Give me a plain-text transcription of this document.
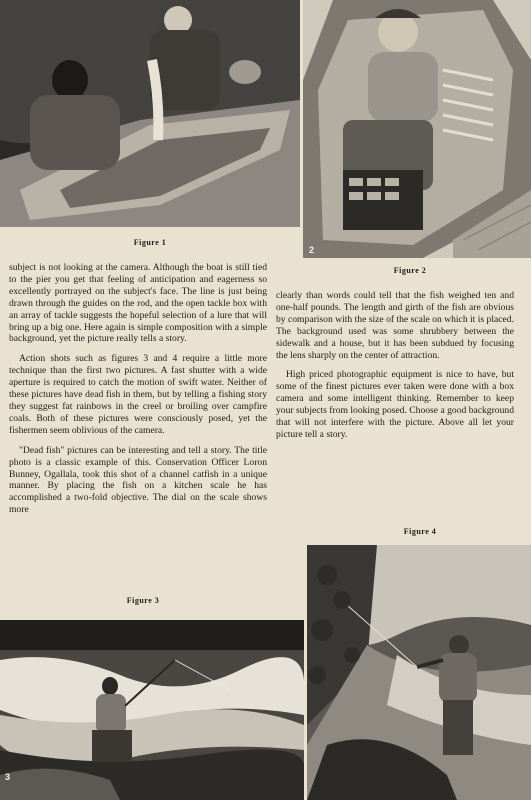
Figure 1
2
Figure 2

subject is not looking at the camera. Although the boat is still tied to the pier you get that feeling of anticipation and eagerness so excellently portrayed on the subject's face. The line is just being drawn through the guides on the rod, and the open tackle box with an array of tackle suggests the hopeful selection of a lure that will bring up a big one. Here again is simple composition with a simple background, yet the picture really tells a story.

Action shots such as figures 3 and 4 require a little more technique than the first two pictures. A fast shutter with a wide aperture is required to catch the motion of swift water. Neither of these pictures have dead fish in them, but by telling a fishing story they suggest fat rainbows in the creel or broiling over campfire coals. Both of these pictures were consciously posed, yet the fishermen seem oblivious of the camera.

"Dead fish" pictures can be interesting and tell a story. The title photo is a classic example of this. Conservation Officer Loron Bunney, Ogallala, took this shot of a channel catfish in a unique manner. By placing the fish on a kitchen scale he has accomplished a two-fold objective. The dial on the scale shows more

clearly than words could tell that the fish weighed ten and one-half pounds. The length and girth of the fish are obvious by comparison with the size of the scale on which it is placed. The background used was some shrubbery between the sidewalk and a house, but it has been subdued by focusing the lens sharply on the center of attraction.

High priced photographic equipment is nice to have, but some of the finest pictures ever taken were done with a box camera and some intelligent thinking. Remember to keep your subjects from looking posed. Choose a good background that will not interfere with the picture. Above all let your picture tell a story.

Figure 4
Figure 3
3
